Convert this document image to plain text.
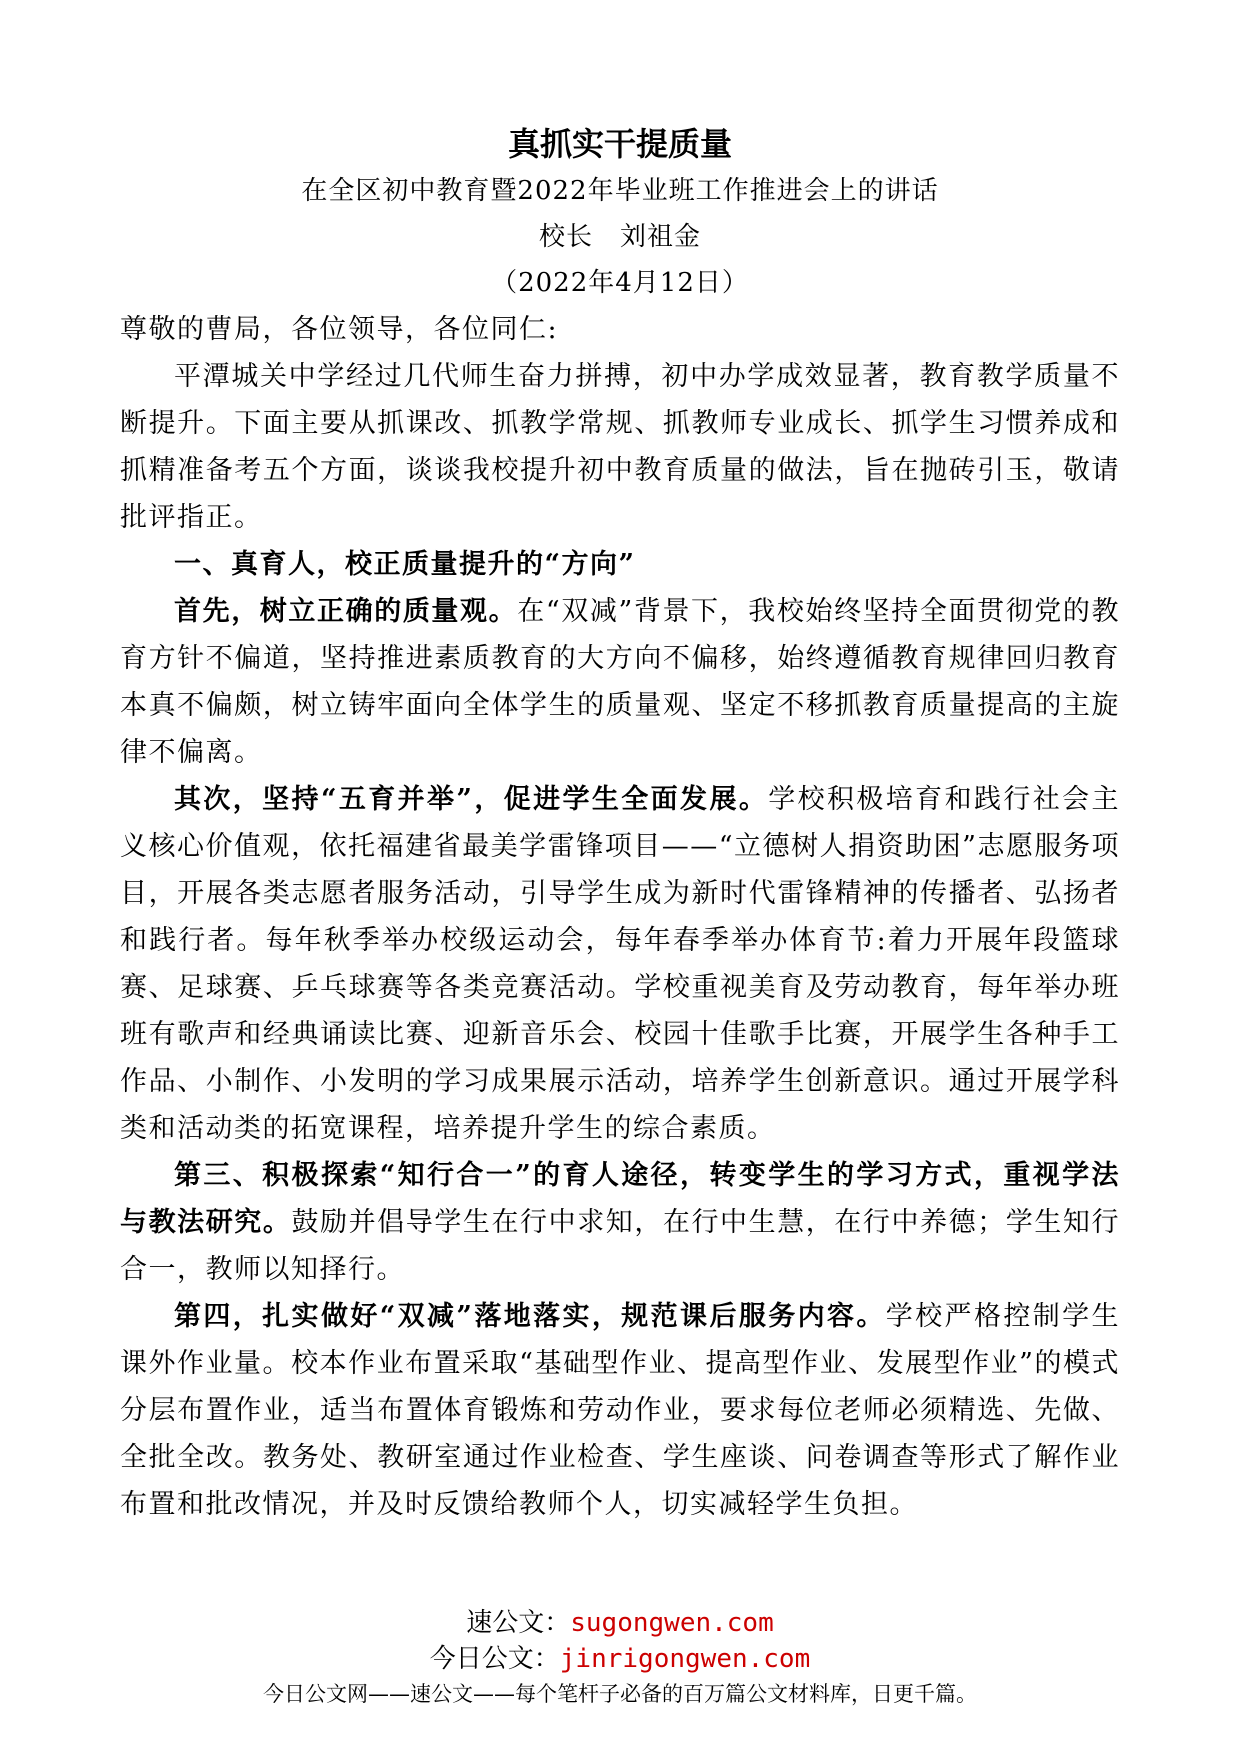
真抓实干提质量
在全区初中教育暨2022年毕业班工作推进会上的讲话
校长　刘祖金
（2022年4月12日）

尊敬的曹局，各位领导，各位同仁:

平潭城关中学经过几代师生奋力拼搏，初中办学成效显著，教育教学质量不断提升。下面主要从抓课改、抓教学常规、抓教师专业成长、抓学生习惯养成和抓精准备考五个方面，谈谈我校提升初中教育质量的做法，旨在抛砖引玉，敬请批评指正。

一、真育人，校正质量提升的“方向”

首先，树立正确的质量观。在“双减”背景下，我校始终坚持全面贯彻党的教育方针不偏道，坚持推进素质教育的大方向不偏移，始终遵循教育规律回归教育本真不偏颇，树立铸牢面向全体学生的质量观、坚定不移抓教育质量提高的主旋律不偏离。

其次，坚持“五育并举”，促进学生全面发展。学校积极培育和践行社会主义核心价值观，依托福建省最美学雷锋项目——“立德树人捐资助困”志愿服务项目，开展各类志愿者服务活动，引导学生成为新时代雷锋精神的传播者、弘扬者和践行者。每年秋季举办校级运动会，每年春季举办体育节:着力开展年段篮球赛、足球赛、乒乓球赛等各类竞赛活动。学校重视美育及劳动教育，每年举办班班有歌声和经典诵读比赛、迎新音乐会、校园十佳歌手比赛，开展学生各种手工作品、小制作、小发明的学习成果展示活动，培养学生创新意识。通过开展学科类和活动类的拓宽课程，培养提升学生的综合素质。

第三、积极探索“知行合一”的育人途径，转变学生的学习方式，重视学法与教法研究。鼓励并倡导学生在行中求知，在行中生慧，在行中养德；学生知行合一，教师以知择行。

第四，扎实做好“双减”落地落实，规范课后服务内容。学校严格控制学生课外作业量。校本作业布置采取“基础型作业、提高型作业、发展型作业”的模式分层布置作业，适当布置体育锻炼和劳动作业，要求每位老师必须精选、先做、全批全改。教务处、教研室通过作业检查、学生座谈、问卷调查等形式了解作业布置和批改情况，并及时反馈给教师个人，切实减轻学生负担。

速公文：sugongwen.com
今日公文：jinrigongwen.com
今日公文网——速公文——每个笔杆子必备的百万篇公文材料库，日更千篇。
